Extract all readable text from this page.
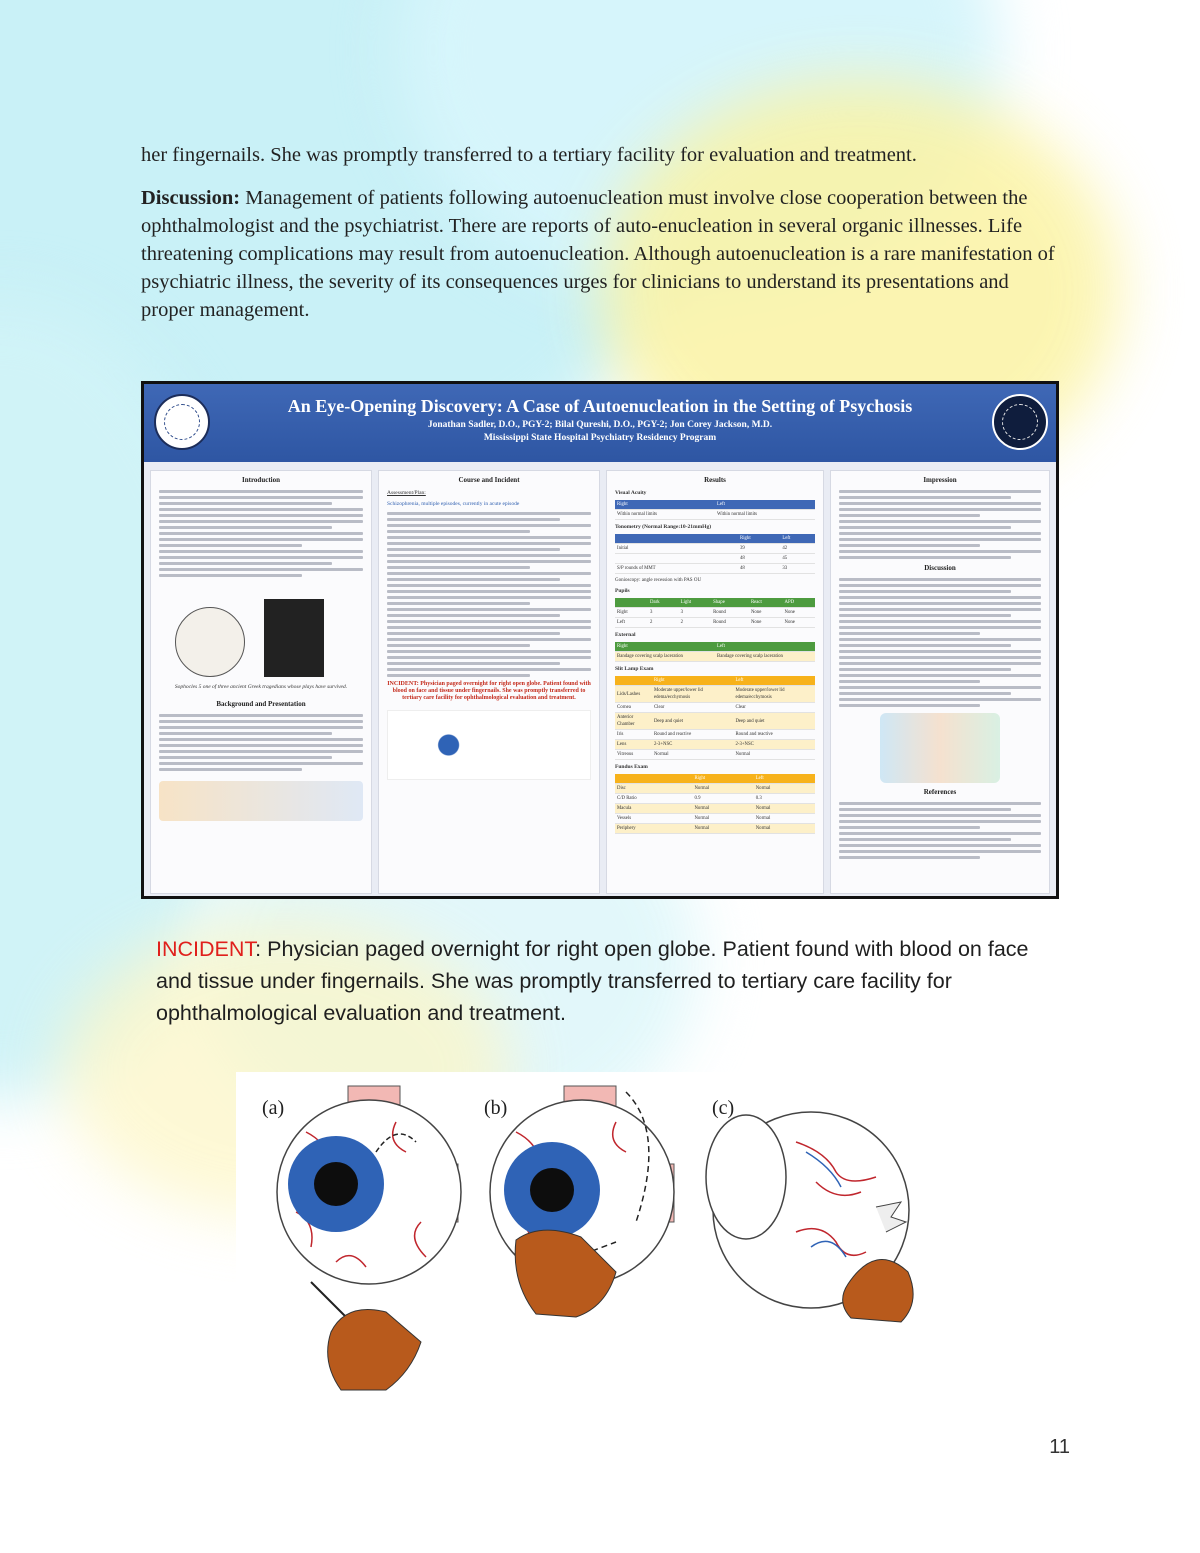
her fingernails. She was promptly transferred to a tertiary facility for evaluation and treatment.

Discussion: Management of patients following autoenucleation must involve close cooperation between the ophthalmologist and the psychiatrist. There are reports of auto-enucleation in several organic illnesses. Life threatening complications may result from autoenucleation. Although autoenucleation is a rare manifestation of psychiatric illness, the severity of its consequences urges for clinicians to understand its presentations and proper management.

An Eye-Opening Discovery: A Case of Autoenucleation in the Setting of Psychosis
Jonathan Sadler, D.O., PGY-2; Bilal Qureshi, D.O., PGY-2; Jon Corey Jackson, M.D.
Mississippi State Hospital Psychiatry Residency Program
Introduction

Sophocles 5 one of three ancient Greek tragedians whose plays have survived.
Background and Presentation
Course and Incident
Assessment/Plan:
Schizophrenia, multiple episodes, currently in acute episode
INCIDENT: Physician paged overnight for right open globe. Patient found with blood on face and tissue under fingernails. She was promptly transferred to tertiary care facility for ophthalmological evaluation and treatment.
Results
Visual Acuity
Right	Left
Within normal limits	Within normal limits
Tonometry (Normal Range:10-21mmHg)
	Right	Left
Initial	39	42
	48	45
S/P rounds of MMT	48	33
Gonioscopy: angle recession with PAS OU
Pupils
	Dark	Light	Shape	React	APD
Right	3	3	Round	None	None
Left	2	2	Round	None	None
External
Right	Left
Bandage covering scalp laceration	Bandage covering scalp laceration
Slit Lamp Exam
	Right	Left
Lids/Lashes	Moderate upper/lower lid edema/ecchymosis	Moderate upper/lower lid edema/ecchymosis
Cornea	Clear	Clear
Anterior Chamber	Deep and quiet	Deep and quiet
Iris	Round and reactive	Round and reactive
Lens	2-3+NSC	2-3+NSC
Vitreous	Normal	Normal
Fundus Exam
	Right	Left
Disc	Normal	Normal
C/D Ratio	0.9	0.3
Macula	Normal	Normal
Vessels	Normal	Normal
Periphery	Normal	Normal
Impression
Discussion
References

INCIDENT: Physician paged overnight for right open globe. Patient found with blood on face and tissue under fingernails. She was promptly transferred to tertiary care facility for ophthalmological evaluation and treatment.

(a)	(b)	(c)
11
